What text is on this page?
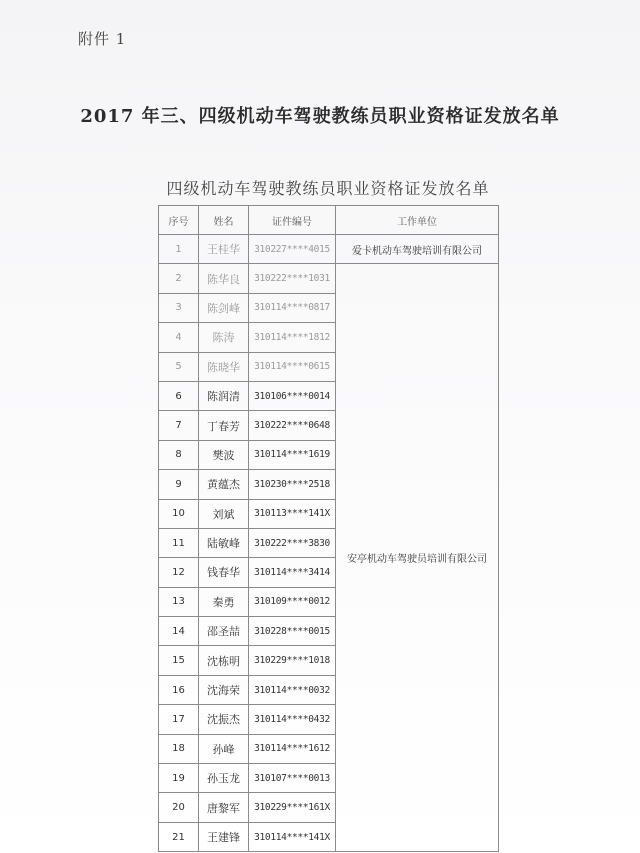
附件 1
2017 年三、四级机动车驾驶教练员职业资格证发放名单
四级机动车驾驶教练员职业资格证发放名单
序号	姓名	证件编号	工作单位
1	王桂华	310227****4015	爱卡机动车驾驶培训有限公司
2	陈华良	310222****1031	安亭机动车驾驶员培训有限公司
3	陈剑峰	310114****0817	
4	陈涛	310114****1812	
5	陈晓华	310114****0615	
6	陈润清	310106****0014	
7	丁春芳	310222****0648	
8	樊波	310114****1619	
9	黄蕴杰	310230****2518	
10	刘斌	310113****141X	
11	陆敏峰	310222****3830	
12	钱春华	310114****3414	
13	秦勇	310109****0012	
14	邵圣喆	310228****0015	
15	沈栋明	310229****1018	
16	沈海荣	310114****0032	
17	沈振杰	310114****0432	
18	孙峰	310114****1612	
19	孙玉龙	310107****0013	
20	唐黎军	310229****161X	
21	王建锋	310114****141X	
